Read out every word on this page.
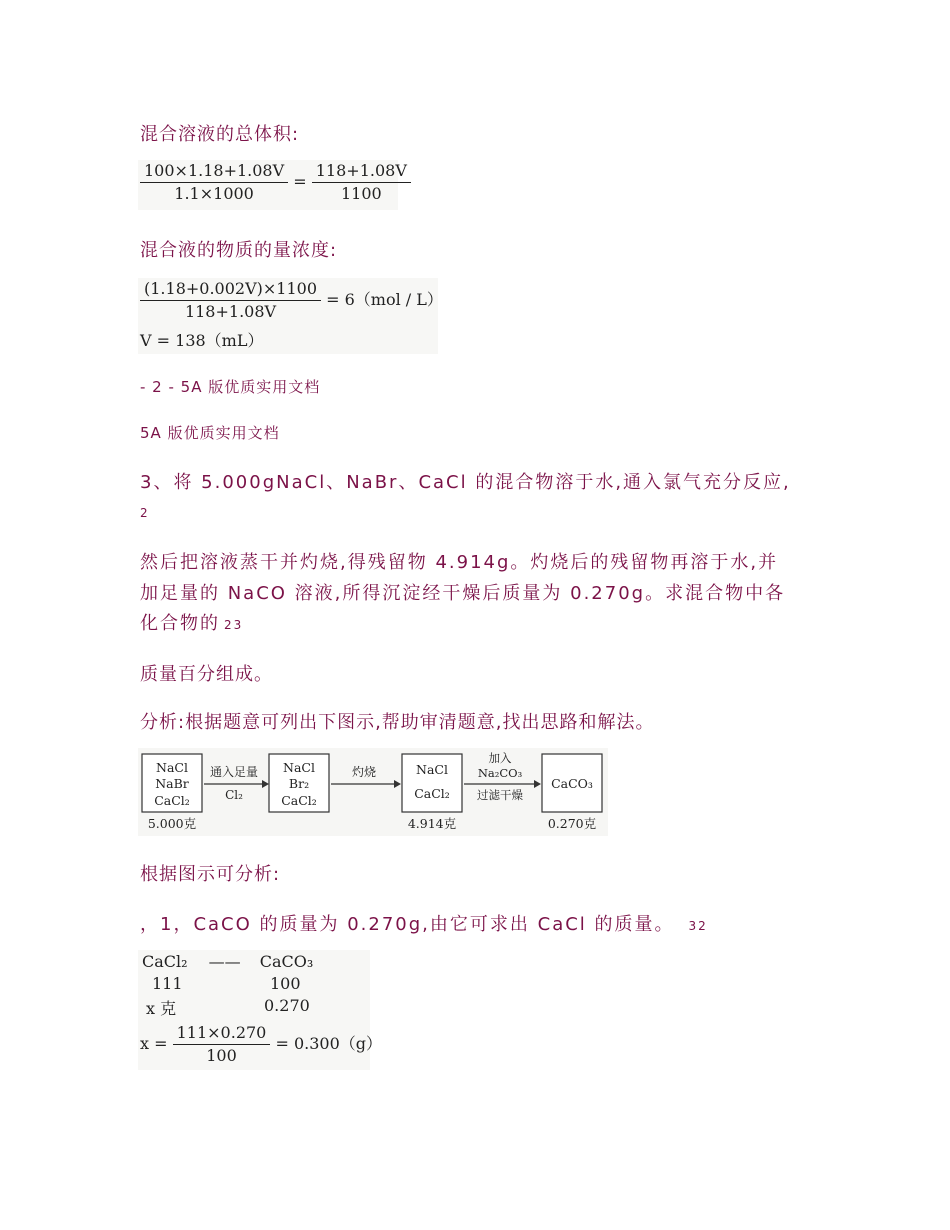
混合溶液的总体积:
$\frac{100\times 1.18+1.08V}{1.1\times 1000} = \frac{118+1.08V}{1100}$
混合液的物质的量浓度:
$\frac{(1.18+0.002V)\times 1100}{118+1.08V} = 6(mol / L)$
V = 138（mL）
- 2 - 5A 版优质实用文档
5A 版优质实用文档
3、将 5.000gNaCl、NaBr、CaCl 的混合物溶于水,通入氯气充分反应,
2
然后把溶液蒸干并灼烧,得残留物 4.914g。灼烧后的残留物再溶于水,并
加足量的 NaCO 溶液,所得沉淀经干燥后质量为 0.270g。求混合物中各
化合物的 23
质量百分组成。
分析:根据题意可列出下图示,帮助审清题意,找出思路和解法。
NaCl
NaBr
CaCl₂
5.000克
通入足量
Cl₂
NaCl
Br₂
CaCl₂
灼烧	NaCl
CaCl₂
4.914克
加入
Na₂CO₃
过滤干燥
CaCO₃
0.270克
根据图示可分析:
，1，CaCO 的质量为 0.270g,由它可求出 CaCl 的质量。 32
CaCl₂ —— CaCO₃
111	100
x 克	0.270
$x = \frac{111\times 0.270}{100} = 0.300(g)$
